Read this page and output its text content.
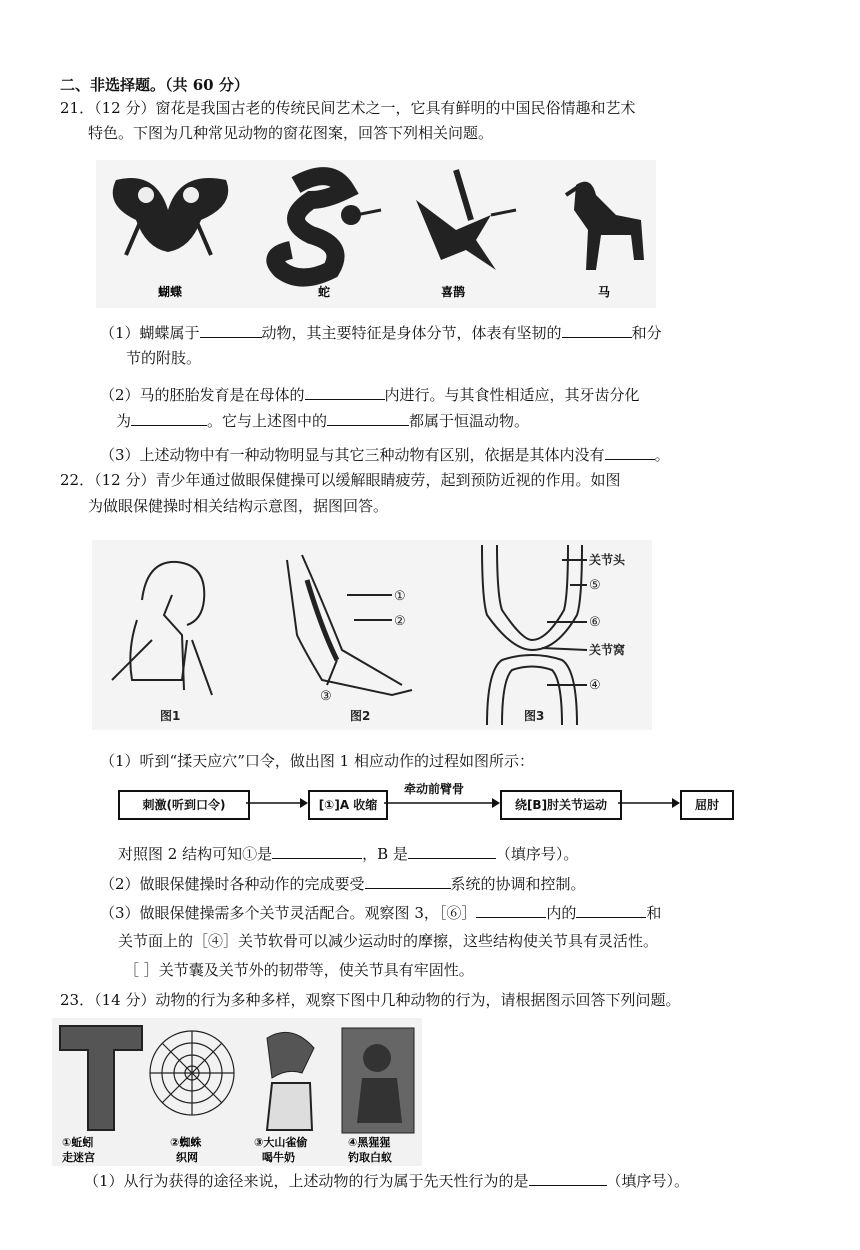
二、非选择题。（共 60 分）
21．（12 分）窗花是我国古老的传统民间艺术之一，它具有鲜明的中国民俗情趣和艺术
特色。下图为几种常见动物的窗花图案，回答下列相关问题。
蝴蝶	蛇	喜鹊	马
（1）蝴蝶属于	动物，其主要特征是身体分节，体表有坚韧的	和分
节的附肢。
（2）马的胚胎发育是在母体的	内进行。与其食性相适应，其牙齿分化
为	。它与上述图中的	都属于恒温动物。
（3）上述动物中有一种动物明显与其它三种动物有区别，依据是其体内没有	。
22．（12 分）青少年通过做眼保健操可以缓解眼睛疲劳，起到预防近视的作用。如图
为做眼保健操时相关结构示意图，据图回答。
①
②
③
关节头
⑤
⑥
关节窝
④
图1	图2	图3
（1）听到“揉天应穴”口令，做出图 1 相应动作的过程如图所示：
刺激(听到口令)	[①]A 收缩
牵动前臂骨
绕[B]肘关节运动	屈肘
对照图 2 结构可知①是	，B 是	（填序号）。
（2）做眼保健操时各种动作的完成要受	系统的协调和控制。
（3）做眼保健操需多个关节灵活配合。观察图 3，［⑥］	内的	和
关节面上的［④］关节软骨可以减少运动时的摩擦，这些结构使关节具有灵活性。
［ ］关节囊及关节外的韧带等，使关节具有牢固性。
23．（14 分）动物的行为多种多样，观察下图中几种动物的行为，请根据图示回答下列问题。
①蚯蚓
走迷宫
②蜘蛛
织网
③大山雀偷
喝牛奶
④黑猩猩
钓取白蚁
（1）从行为获得的途径来说，上述动物的行为属于先天性行为的是	（填序号）。
